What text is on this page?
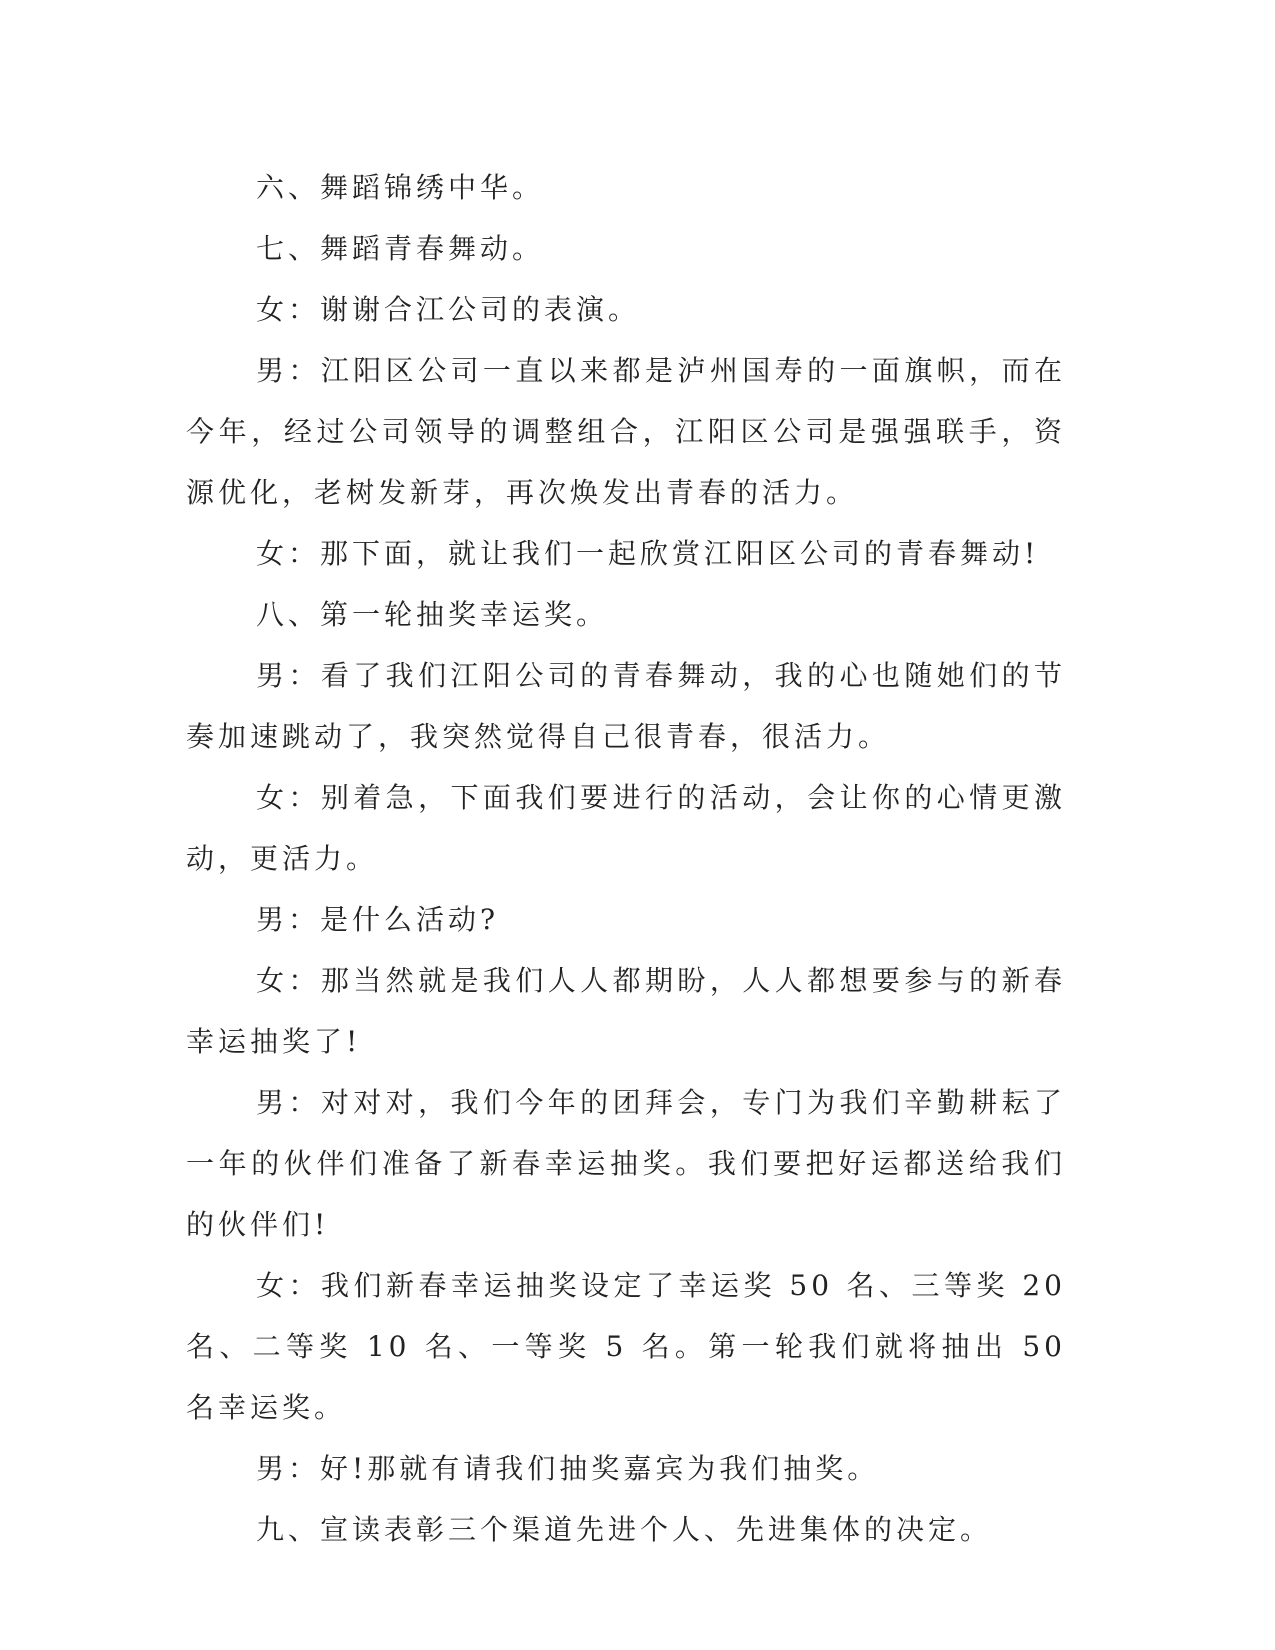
六、舞蹈锦绣中华。

七、舞蹈青春舞动。

女：谢谢合江公司的表演。

男：江阳区公司一直以来都是泸州国寿的一面旗帜，而在今年，经过公司领导的调整组合，江阳区公司是强强联手，资源优化，老树发新芽，再次焕发出青春的活力。

女：那下面，就让我们一起欣赏江阳区公司的青春舞动!

八、第一轮抽奖幸运奖。

男：看了我们江阳公司的青春舞动，我的心也随她们的节奏加速跳动了，我突然觉得自己很青春，很活力。

女：别着急，下面我们要进行的活动，会让你的心情更激动，更活力。

男：是什么活动?

女：那当然就是我们人人都期盼，人人都想要参与的新春幸运抽奖了!

男：对对对，我们今年的团拜会，专门为我们辛勤耕耘了一年的伙伴们准备了新春幸运抽奖。我们要把好运都送给我们的伙伴们!

女：我们新春幸运抽奖设定了幸运奖 50 名、三等奖 20 名、二等奖 10 名、一等奖 5 名。第一轮我们就将抽出 50 名幸运奖。

男：好!那就有请我们抽奖嘉宾为我们抽奖。

九、宣读表彰三个渠道先进个人、先进集体的决定。
